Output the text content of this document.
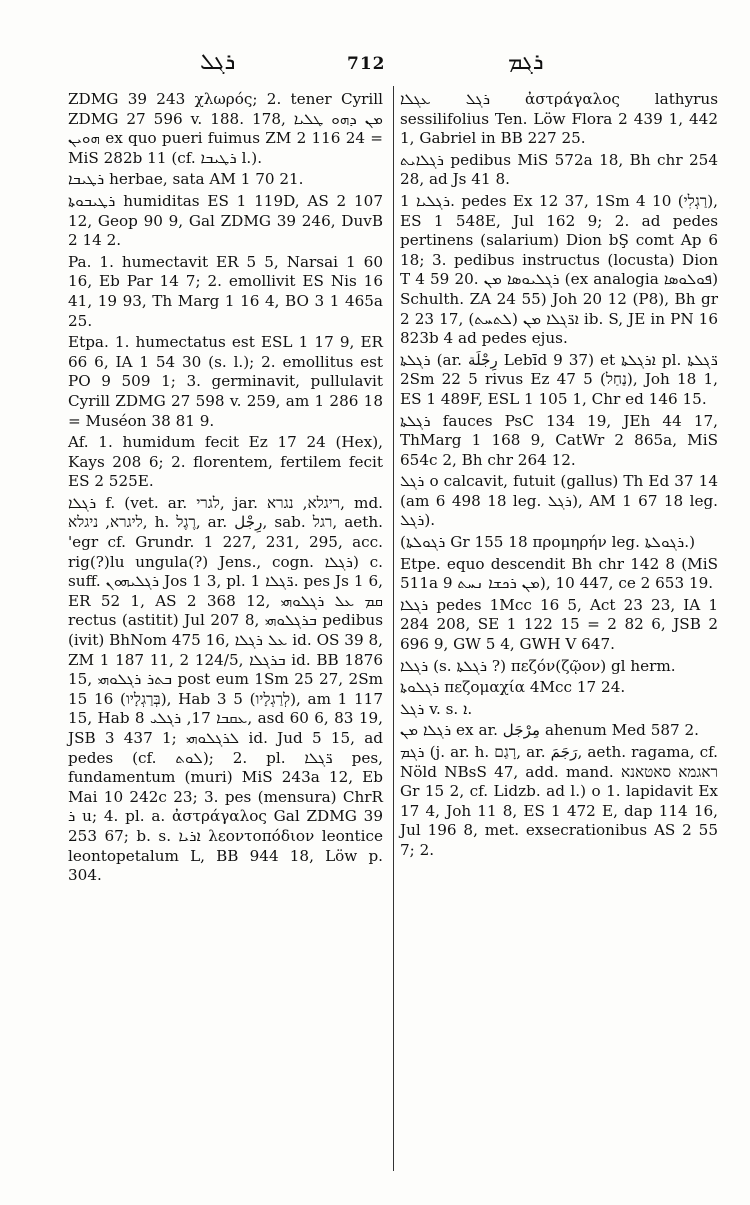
ܪܓܠ	712	ܪܓܡ

ZDMG 39 243 χλωρός; 2. tener Cyrill ZDMG 27 596 v. 188. 178, ܡܢ ܕܗܘ ܛܠܝܐ ܗܘܝܢ ex quo pueri fuimus ZM 2 116 24 = MiS 282b 11 (cf. ܪܛܝܒܐ l.).

ܪܛܝܒܐ herbae, sata AM 1 70 21.

ܪܛܝܒܘܬܐ humiditas ES 1 119D, AS 2 107 12, Geop 90 9, Gal ZDMG 39 246, DuvB 2 14 2.

Pa. 1. humectavit ER 5 5, Narsai 1 60 16, Eb Par 14 7; 2. emollivit ES Nis 16 41, 19 93, Th Marg 1 16 4, BO 3 1 465a 25.

Etpa. 1. humectatus est ESL 1 17 9, ER 66 6, IA 1 54 30 (s. l.); 2. emollitus est PO 9 509 1; 3. germinavit, pullulavit Cyrill ZDMG 27 598 v. 259, am 1 286 18 = Muséon 38 81 9.

Af. 1. humidum fecit Ez 17 24 (Hex), Kays 208 6; 2. florentem, fertilem fecit ES 2 525E.

ܪܓܠܐ f. (vet. ar. לגרי, jar. ריגלא, נגרא, md. ליגרא, ניגלא, h. רֶגֶל, ar. رِجْل, sab. רגל, aeth. 'egr cf. Grundr. 1 227, 231, 295, acc. rig(?)lu ungula(?) Jens., cogn. ܪܓܠܐ) c. suff. ܪܓܠܝܗܘܢ Jos 1 3, pl. ܪ̈ܓܠܐ 1. pes Js 1 6, ER 52 1, AS 2 368 12, ܩܡ ܥܠ ܪܓܠܘܗܝ rectus (astitit) Jul 207 8, ܒܪܓܠܘܗܝ pedibus (ivit) BhNom 475 16, ܥܠ ܪܓܠܐ id. OS 39 8, ZM 1 187 11, 2 124/5, ܒܪܓܠܐ id. BB 1876 15, ܒܬܪ ܪܓܠܘܗܝ post eum 1Sm 25 27, 2Sm 15 16 (בְּרַגְלָיו), Hab 3 5 (לְרַגְלָיו), am 1 117 15, Hab ܥܩܒܐ 17, ܪܓܠܝ 8, asd 60 6, 83 19, JSB 3 437 1; ܠܪܓܠܘܗܝ id. Jud 5 15, ad pedes (cf. ܠܘܬ); 2. pl. ܪ̈ܓܠܐ pes, fundamentum (muri) MiS 243a 12, Eb Mai 10 242c 23; 3. pes (mensura) ChrR ܪ u; 4. pl. a. ἀστράγαλος Gal ZDMG 39 253 67; b. s. ܐܪܝܐ λεοντοπόδιον leontice leontopetalum L, BB 944 18, Löw p. 304.

ܪܓܠ ܥܓܠܐ ἀστράγαλος lathyrus sessilifolius Ten. Löw Flora 2 439 1, 442 1, Gabriel in BB 227 25.

ܪܓܠܐܝܬ pedibus MiS 572a 18, Bh chr 254 28, ad Js 41 8.

ܪܓܠܝܐ 1. pedes Ex 12 37, 1Sm 4 10 (רַגְלִי), ES 1 548E, Jul 162 9; 2. ad pedes pertinens (salarium) Dion bŞ comt Ap 6 18; 3. pedibus instructus (locusta) Dion T 4 59 20. ܪܓܠܝܘܣܐ ܡܢ (ex analogia ܦܘܠܘܣܐ) Schulth. ZA 24 55) Joh 20 12 (P8), Bh gr 2 23 17, ܐܪ̈ܓܠܐ ܡܢ (ܠܬܚܬ) ib. S, JE in PN 16 823b 4 ad pedes ejus.

ܪܓܠܬܐ (ar. رِجْلَة Lebīd 9 37) et ܐܪܓܠܬܐ pl. ܪ̈ܓܠܬܐ 2Sm 22 5 rivus Ez 47 5 (נַחַל), Joh 18 1, ES 1 489F, ESL 1 105 1, Chr ed 146 15.

ܪܓܠܬܐ fauces PsC 134 19, JEh 44 17, ThMarg 1 168 9, CatWr 2 865a, MiS 654c 2, Bh chr 264 12.

ܪܓܠ o calcavit, futuit (gallus) Th Ed 37 14 (am 6 498 18 leg. ܪܓܠ), AM 1 67 18 leg. ܪܓܠ).

(ܪܓܘܠܬܐ Gr 155 18 προμηρήν leg. ܪܓܘܠܬܐ.)

Etpe. equo descendit Bh chr 142 8 (MiS 511a 9 ܡܢ ܪܟܫܐ ܢܚܬ), 447 10, ce 2 653 19.

ܪܓܠܐ pedes 1Mcc 16 5, Act 23 23, IA 1 284 208, SE 1 122 15 = 2 82 6, JSB 2 696 9, GW 5 4, GWH V 647.

ܪܓܠܐ (s. ܪܓܠܬܐ ?) πεζόν(ζῷον) gl herm.

ܪܓܠܘܬܐ πεζομαχία 4Mcc 17 24.

ܪܓܠ v. s. ܐ.

ܪܓܠܐ ܡܢ ex ar. مِرْجَل ahenum Med 587 2.

ܪܓܡ (j. ar. h. רָגַם, ar. رَجَمَ, aeth. ragama, cf. Nöld NBsS 47, add. mand. ראגמא סאטאנא Gr 15 2, cf. Lidzb. ad l.) o 1. lapidavit Ex 17 4, Joh 11 8, ES 1 472 E, dap 114 16, Jul 196 8, met. exsecrationibus AS 2 55 7; 2.
